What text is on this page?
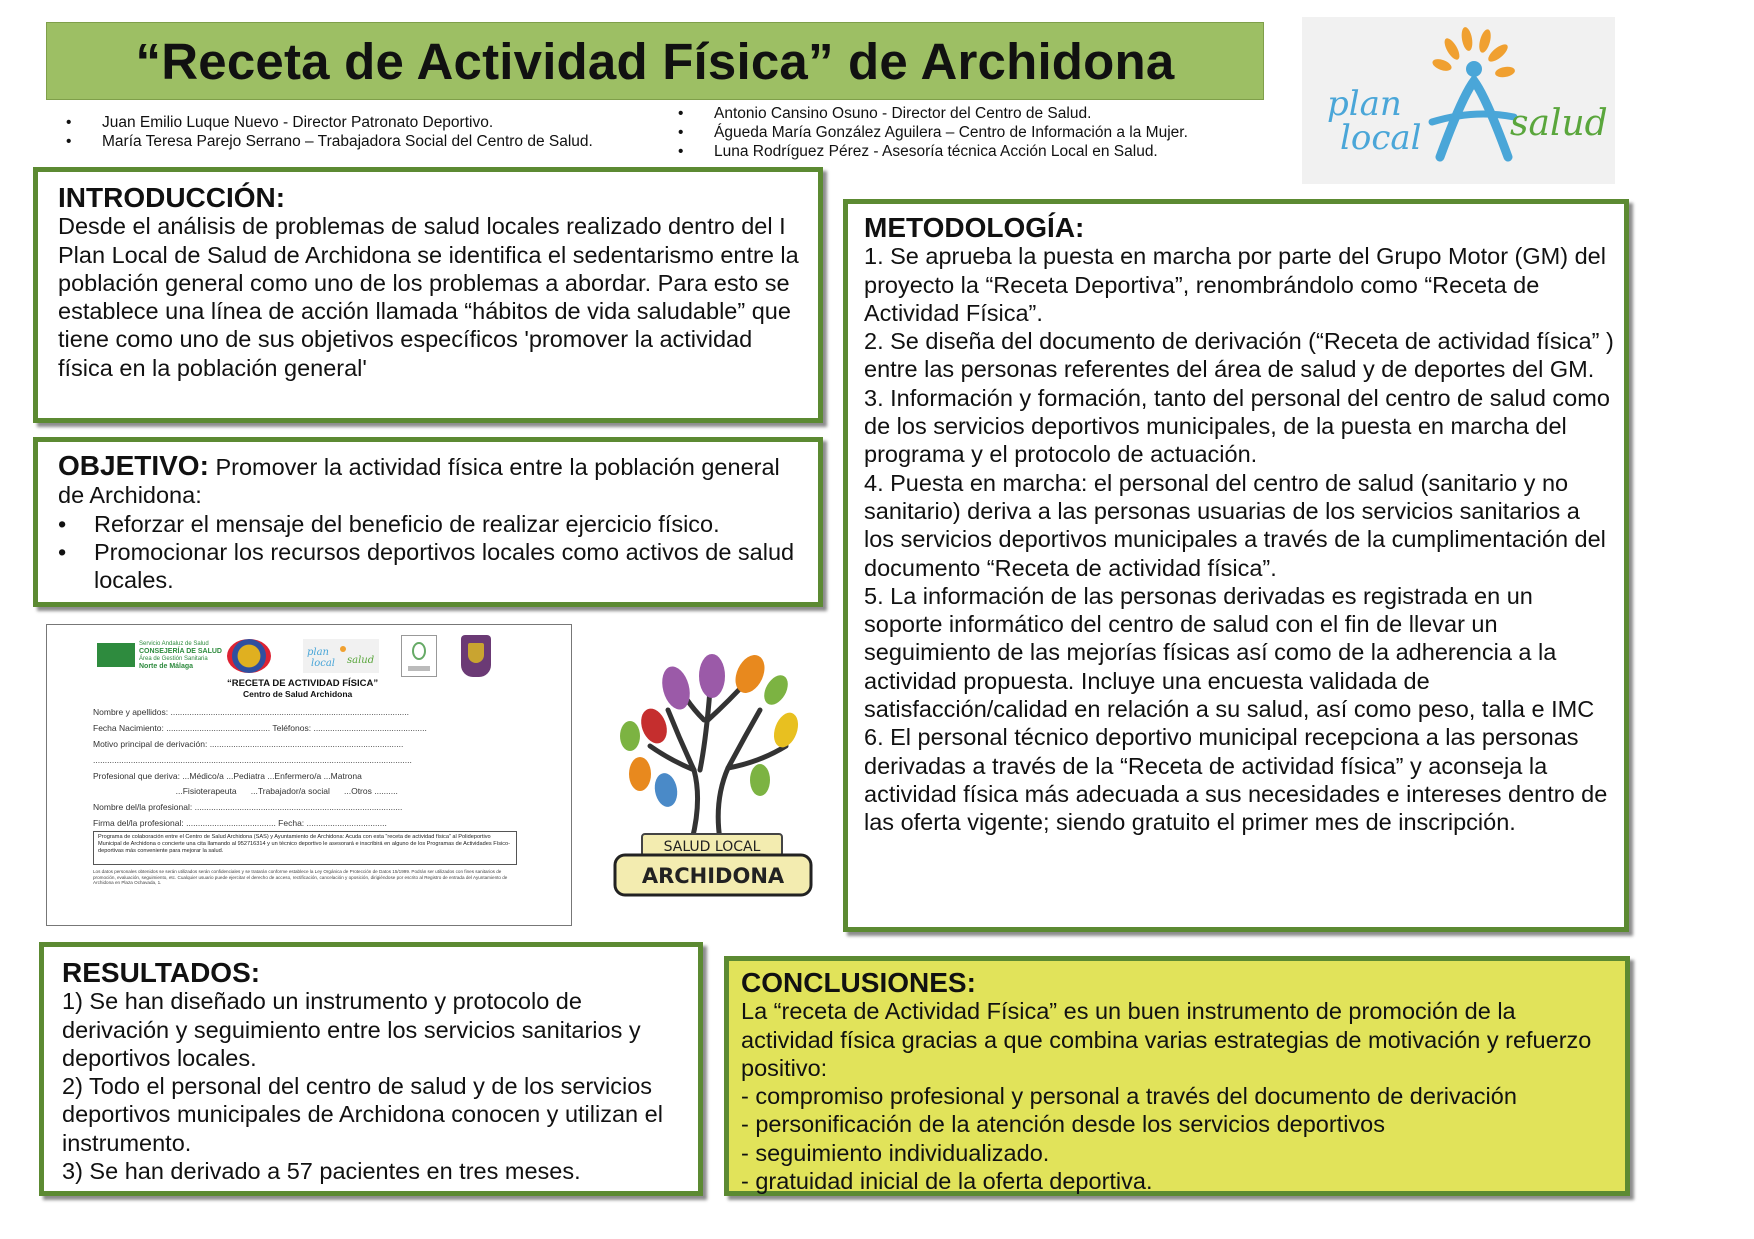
“Receta de Actividad Física” de Archidona
• Juan Emilio Luque Nuevo - Director Patronato Deportivo.
• María Teresa Parejo Serrano – Trabajadora Social del Centro de Salud.
• Antonio Cansino Osuno - Director del Centro de Salud.
• Águeda María González Aguilera – Centro de Información a la Mujer.
• Luna Rodríguez Pérez - Asesoría técnica Acción Local en Salud.
plan
local salud
INTRODUCCIÓN:
Desde el análisis de problemas de salud locales realizado dentro del I Plan Local de Salud de Archidona se identifica el sedentarismo entre la población general como uno de los problemas a abordar. Para esto se establece una línea de acción llamada “hábitos de vida saludable” que tiene como uno de sus objetivos específicos 'promover la actividad física en la población general'
OBJETIVO: Promover la actividad física entre la población general de Archidona:
• Reforzar el mensaje del beneficio de realizar ejercicio físico.
• Promocionar los recursos deportivos locales como activos de salud locales.
Servicio Andaluz de Salud
CONSEJERÍA DE SALUD
Área de Gestión Sanitaria
Norte de Málaga
plan
local salud
“RECETA DE ACTIVIDAD FÍSICA”
Centro de Salud Archidona
Nombre y apellidos: .....................................................................................................
Fecha Nacimiento: ............................................ Teléfonos: ................................................
Motivo principal de derivación: ..................................................................................
.......................................................................................................................................
Profesional que deriva: ...Médico/a ...Pediatra ...Enfermero/a ...Matrona
...Fisioterapeuta      ...Trabajador/a social      ...Otros ..........
Nombre del/la profesional: ........................................................................................
Firma del/la profesional: ...................................... Fecha: ..................................
Programa de colaboración entre el Centro de Salud Archidona (SAS) y Ayuntamiento de Archidona: Acuda con esta “receta de actividad física” al Polideportivo Municipal de Archidona o concierte una cita llamando al 952716314 y un técnico deportivo le asesorará e inscribirá en alguno de los Programas de Actividades Físico-deportivas más conveniente para mejorar la salud.
Los datos personales obtenidos se serán utilizados serán confidenciales y se tratarán conforme establece la Ley Orgánica de Protección de Datos 15/1999. Podrán ser utilizados con fines sanitarios de promoción, evaluación, seguimiento, etc. Cualquier usuario puede ejercitar el derecho de acceso, rectificación, cancelación y oposición, dirigiéndose por escrito al Registro de entrada del Ayuntamiento de Archidona en Plaza Ochavada, 1.
SALUD LOCAL
ARCHIDONA
METODOLOGÍA:
1. Se aprueba la puesta en marcha por parte del Grupo Motor (GM) del proyecto la “Receta Deportiva”, renombrándolo como “Receta de Actividad Física”.
2. Se diseña del documento de derivación (“Receta de actividad física” ) entre las personas referentes del área de salud y de deportes del GM.
3. Información y formación, tanto del personal del centro de salud como de los servicios deportivos municipales, de la puesta en marcha del programa y el protocolo de actuación.
4. Puesta en marcha: el personal del centro de salud (sanitario y no sanitario) deriva a las personas usuarias de los servicios sanitarios a los servicios deportivos municipales a través de la cumplimentación del documento “Receta de actividad física”.
5. La información de las personas derivadas es registrada en un soporte informático del centro de salud con el fin de llevar un seguimiento de las mejorías físicas así como de la adherencia a la actividad propuesta. Incluye una encuesta validada de satisfacción/calidad en relación a su salud, así como peso, talla e IMC
6. El personal técnico deportivo municipal recepciona a las personas derivadas a través de la “Receta de actividad física” y aconseja la actividad física más adecuada a sus necesidades e intereses dentro de las oferta vigente; siendo gratuito el primer mes de inscripción.
RESULTADOS:
1) Se han diseñado un instrumento y protocolo de derivación y seguimiento entre los servicios sanitarios y deportivos locales.
2) Todo el personal del centro de salud y de los servicios deportivos municipales de Archidona conocen y utilizan el instrumento.
3) Se han derivado a 57 pacientes en tres meses.
CONCLUSIONES:
La “receta de Actividad Física” es un buen instrumento de promoción de la actividad física gracias a que combina varias estrategias de motivación y refuerzo positivo:
- compromiso profesional y personal a través del documento de derivación
- personificación de la atención desde los servicios deportivos
- seguimiento individualizado.
- gratuidad inicial de la oferta deportiva.
